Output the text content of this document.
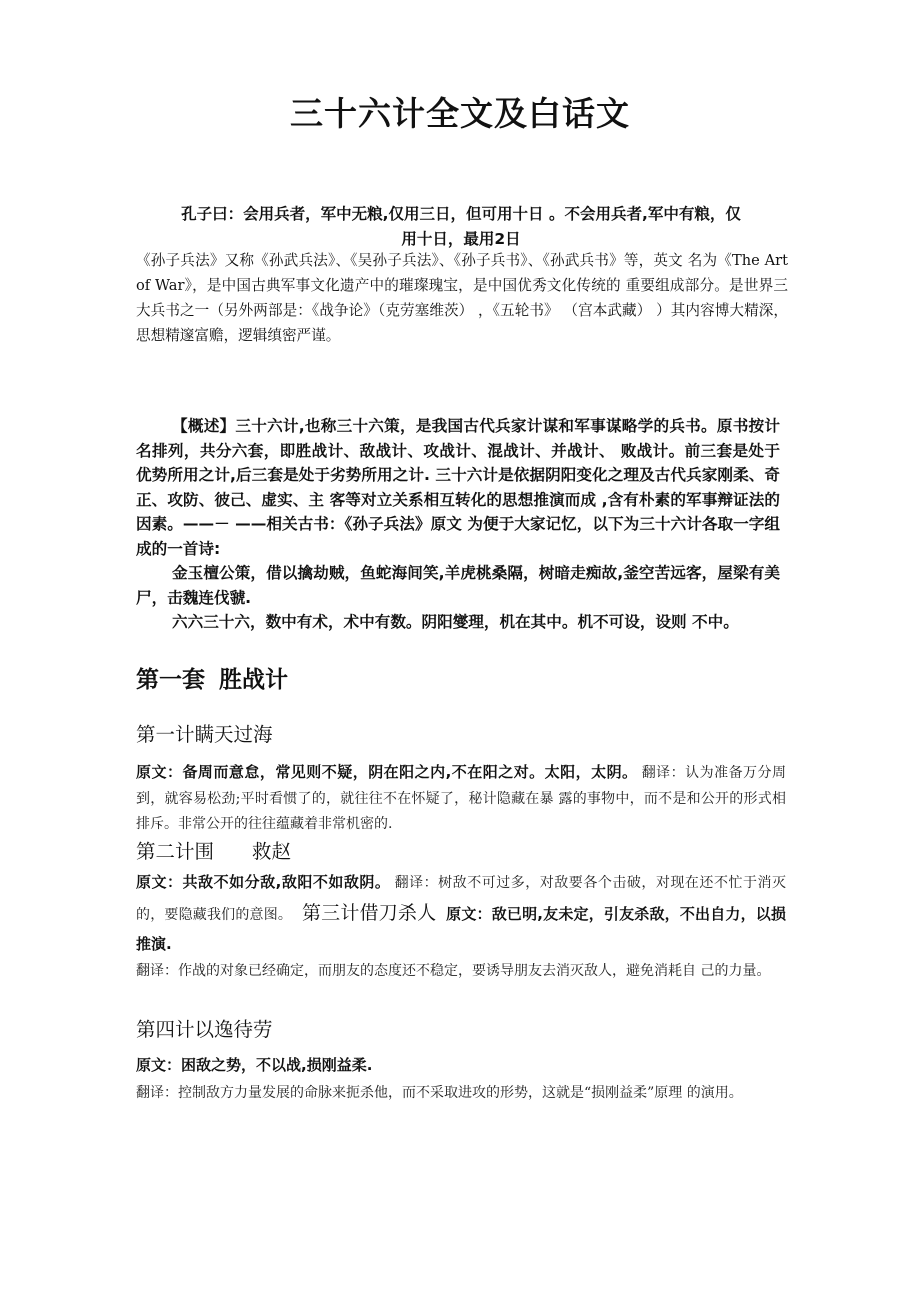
三十六计全文及白话文
孔子曰：会用兵者，军中无粮,仅用三日，但可用十日 。不会用兵者,军中有粮，仅
用十日，最用2日
《孙子兵法》又称《孙武兵法》、《吴孙子兵法》、《孙子兵书》、《孙武兵书》等，英文 名为《The Art of War》，是中国古典军事文化遗产中的璀璨瑰宝，是中国优秀文化传统的 重要组成部分。是世界三大兵书之一（另外两部是：《战争论》（克劳塞维茨） ，《五轮书》 （宫本武藏） ）其内容博大精深，思想精邃富赡，逻辑缜密严谨。

【概述】三十六计,也称三十六策，是我国古代兵家计谋和军事谋略学的兵书。原书按计名排列，共分六套，即胜战计、敌战计、攻战计、混战计、并战计、 败战计。前三套是处于优势所用之计,后三套是处于劣势所用之计. 三十六计是依据阴阳变化之理及古代兵家刚柔、奇正、攻防、彼己、虚实、主 客等对立关系相互转化的思想推演而成 ,含有朴素的军事辩证法的因素。——－ ——相关古书：《孙子兵法》原文 为便于大家记忆，以下为三十六计各取一字组成的一首诗:

金玉檀公策，借以擒劫贼，鱼蛇海间笑,羊虎桃桑隔，树暗走痴故,釜空苦远客，屋梁有美尸，击魏连伐虢.

六六三十六，数中有术，术中有数。阴阳燮理，机在其中。机不可设，设则 不中。

第一套 胜战计
第一计瞒天过海
原文：备周而意怠，常见则不疑，阴在阳之内,不在阳之对。太阳，太阴。 翻译：认为准备万分周到，就容易松劲;平时看惯了的，就往往不在怀疑了，秘计隐藏在暴 露的事物中，而不是和公开的形式相排斥。非常公开的往往蕴藏着非常机密的.
第二计围 救赵
原文：共敌不如分敌,敌阳不如敌阴。 翻译：树敌不可过多，对敌要各个击破，对现在还不忙于消灭的，要隐藏我们的意图。 第三计借刀杀人 原文：敌已明,友未定，引友杀敌，不出自力，以损推演.
翻译：作战的对象已经确定，而朋友的态度还不稳定，要诱导朋友去消灭敌人，避免消耗自 己的力量。
第四计以逸待劳
原文：困敌之势，不以战,损刚益柔.
翻译：控制敌方力量发展的命脉来扼杀他，而不采取进攻的形势，这就是“损刚益柔”原理 的演用。
